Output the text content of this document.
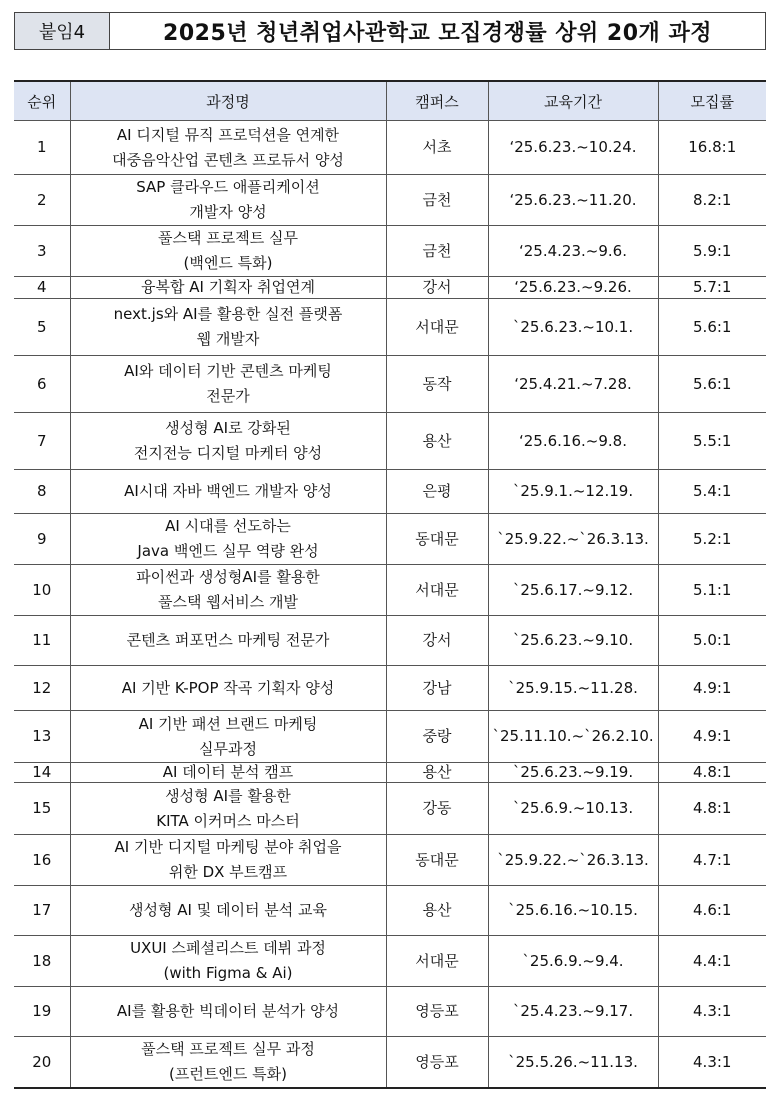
붙임4	2025년 청년취업사관학교 모집경쟁률 상위 20개 과정
순위	과정명	캠퍼스	교육기간	모집률
1	AI 디지털 뮤직 프로덕션을 연계한
대중음악산업 콘텐츠 프로듀서 양성	서초	‘25.6.23.~10.24.	16.8:1
2	SAP 클라우드 애플리케이션
개발자 양성	금천	‘25.6.23.~11.20.	8.2:1
3	풀스택 프로젝트 실무
(백엔드 특화)	금천	‘25.4.23.~9.6.	5.9:1
4	융복합 AI 기획자 취업연계	강서	‘25.6.23.~9.26.	5.7:1
5	next.js와 AI를 활용한 실전 플랫폼
웹 개발자	서대문	`25.6.23.~10.1.	5.6:1
6	AI와 데이터 기반 콘텐츠 마케팅
전문가	동작	‘25.4.21.~7.28.	5.6:1
7	생성형 AI로 강화된
전지전능 디지털 마케터 양성	용산	‘25.6.16.~9.8.	5.5:1
8	AI시대 자바 백엔드 개발자 양성	은평	`25.9.1.~12.19.	5.4:1
9	AI 시대를 선도하는
Java 백엔드 실무 역량 완성	동대문	`25.9.22.~`26.3.13.	5.2:1
10	파이썬과 생성형AI를 활용한
풀스택 웹서비스 개발	서대문	`25.6.17.~9.12.	5.1:1
11	콘텐츠 퍼포먼스 마케팅 전문가	강서	`25.6.23.~9.10.	5.0:1
12	AI 기반 K-POP 작곡 기획자 양성	강남	`25.9.15.~11.28.	4.9:1
13	AI 기반 패션 브랜드 마케팅
실무과정	중랑	`25.11.10.~`26.2.10.	4.9:1
14	AI 데이터 분석 캠프	용산	`25.6.23.~9.19.	4.8:1
15	생성형 AI를 활용한
KITA 이커머스 마스터	강동	`25.6.9.~10.13.	4.8:1
16	AI 기반 디지털 마케팅 분야 취업을
위한 DX 부트캠프	동대문	`25.9.22.~`26.3.13.	4.7:1
17	생성형 AI 및 데이터 분석 교육	용산	`25.6.16.~10.15.	4.6:1
18	UXUI 스페셜리스트 데뷔 과정
(with Figma & Ai)	서대문	`25.6.9.~9.4.	4.4:1
19	AI를 활용한 빅데이터 분석가 양성	영등포	`25.4.23.~9.17.	4.3:1
20	풀스택 프로젝트 실무 과정
(프런트엔드 특화)	영등포	`25.5.26.~11.13.	4.3:1
